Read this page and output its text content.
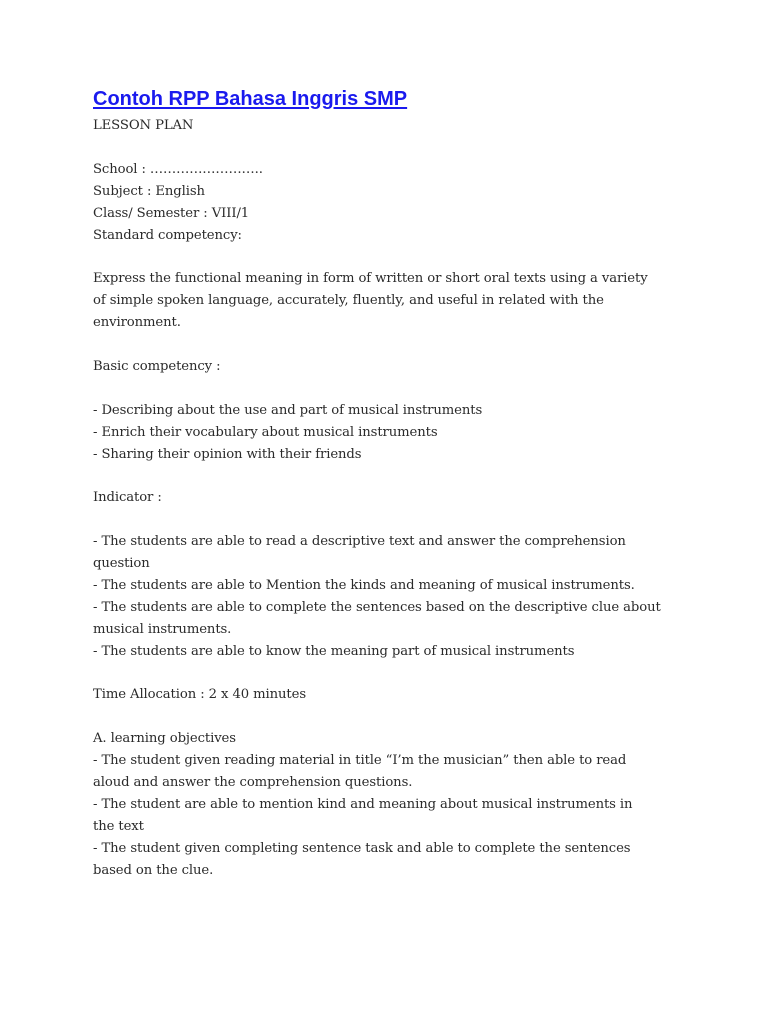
Contoh RPP Bahasa Inggris SMP
LESSON PLAN
School : ……………………..
Subject : English
Class/ Semester : VIII/1
Standard competency:
Express the functional meaning in form of written or short oral texts using a variety
of simple spoken language, accurately, fluently, and useful in related with the
environment.
Basic competency :
- Describing about the use and part of musical instruments
- Enrich their vocabulary about musical instruments
- Sharing their opinion with their friends
Indicator :
- The students are able to read a descriptive text and answer the comprehension
question
- The students are able to Mention the kinds and meaning of musical instruments.
- The students are able to complete the sentences based on the descriptive clue about
musical instruments.
- The students are able to know the meaning part of musical instruments
Time Allocation : 2 x 40 minutes
A. learning objectives
- The student given reading material in title “I’m the musician” then able to read
aloud and answer the comprehension questions.
- The student are able to mention kind and meaning about musical instruments in
the text
- The student given completing sentence task and able to complete the sentences
based on the clue.
